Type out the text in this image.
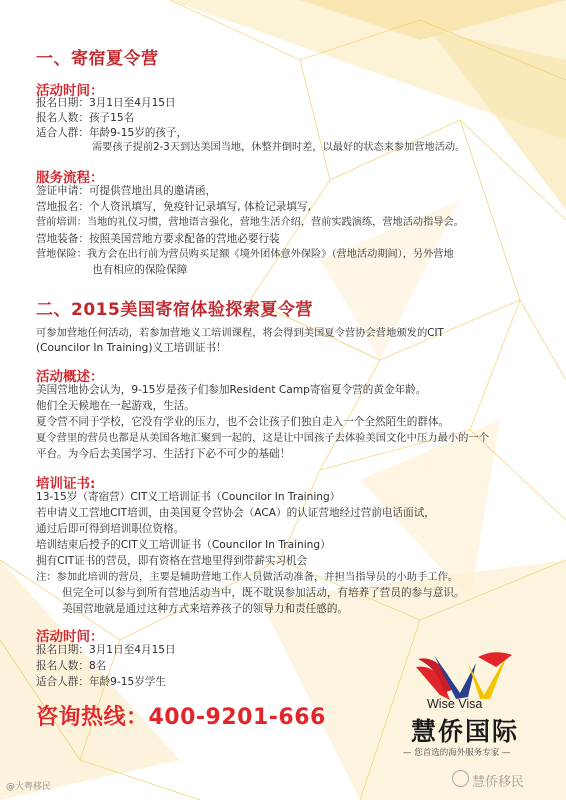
一、寄宿夏令营
活动时间：
报名日期：3月1日至4月15日
报名人数：孩子15名
适合人群：年龄9-15岁的孩子，
需要孩子提前2-3天到达美国当地，休整并倒时差，以最好的状态来参加营地活动。
服务流程：
签证申请：可提供营地出具的邀请函，
营地报名：个人资讯填写，免疫针记录填写, 体检记录填写,
营前培训：当地的礼仪习惯，营地语言强化，营地生活介绍，营前实践演练，营地活动指导会。
营地装备：按照美国营地方要求配备的营地必要行装
营地保险：我方会在出行前为营员购买足额《境外团体意外保险》（营地活动期间），另外营地
也有相应的保险保障
二、2015美国寄宿体验探索夏令营
可参加营地任何活动，若参加营地义工培训课程，将会得到美国夏令营协会营地颁发的CIT
(Councilor In Training)义工培训证书！
活动概述：
美国营地协会认为，9-15岁是孩子们参加Resident Camp寄宿夏令营的黄金年龄。
他们全天候地在一起游戏，生活。
夏令营不同于学校，它没有学业的压力，也不会让孩子们独自走入一个全然陌生的群体。
夏令营里的营员也都是从美国各地汇聚到一起的，这是让中国孩子去体验美国文化中压力最小的一个
平台。为今后去美国学习、生活打下必不可少的基础！
培训证书:
13-15岁（寄宿营）CIT义工培训证书（Councilor In Training）
若申请义工营地CIT培训，由美国夏令营协会（ACA）的认证营地经过营前电话面试，
通过后即可得到培训职位资格。
培训结束后授予的CIT义工培训证书（Councilor In Training）
拥有CIT证书的营员，即有资格在营地里得到带薪实习机会
注：参加此培训的营员，主要是辅助营地工作人员做活动准备，并担当指导员的小助手工作。
但完全可以参与到所有营地活动当中，既不耽误参加活动，有培养了营员的参与意识。
美国营地就是通过这种方式来培养孩子的领导力和责任感的。
活动时间：
报名日期：3月1日至4月15日
报名人数：8名
适合人群：年龄9-15岁学生
咨询热线：400-9201-666
Wise Visa
慧侨国际
— 您首选的海外服务专家 —
@大粤移民	慧侨移民
